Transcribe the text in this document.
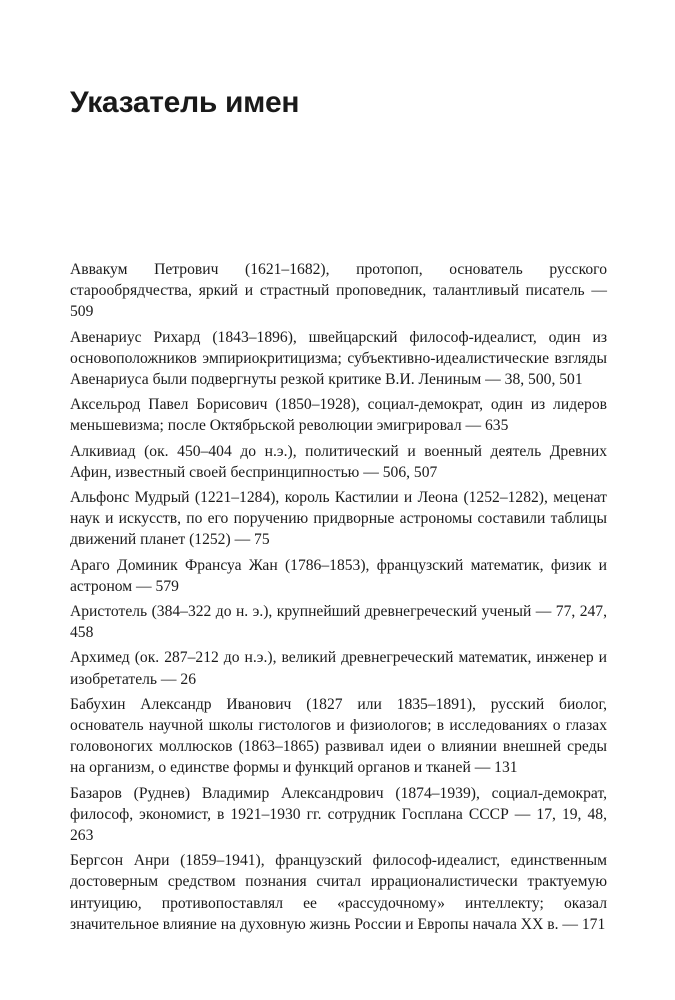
Указатель имен
Аввакум Петрович (1621–1682), протопоп, основатель русского старообрядчества, яркий и страстный проповедник, талантливый писатель — 509
Авенариус Рихард (1843–1896), швейцарский философ-идеалист, один из основоположников эмпириокритицизма; субъективно-идеалистические взгляды Авенариуса были подвергнуты резкой критике В.И. Лениным — 38, 500, 501
Аксельрод Павел Борисович (1850–1928), социал-демократ, один из лидеров меньшевизма; после Октябрьской революции эмигрировал — 635
Алкивиад (ок. 450–404 до н.э.), политический и военный деятель Древних Афин, известный своей беспринципностью — 506, 507
Альфонс Мудрый (1221–1284), король Кастилии и Леона (1252–1282), меценат наук и искусств, по его поручению придворные астрономы составили таблицы движений планет (1252) — 75
Араго Доминик Франсуа Жан (1786–1853), французский математик, физик и астроном — 579
Аристотель (384–322 до н. э.), крупнейший древнегреческий ученый — 77, 247, 458
Архимед (ок. 287–212 до н.э.), великий древнегреческий математик, инженер и изобретатель — 26
Бабухин Александр Иванович (1827 или 1835–1891), русский биолог, основатель научной школы гистологов и физиологов; в исследованиях о глазах головоногих моллюсков (1863–1865) развивал идеи о влиянии внешней среды на организм, о единстве формы и функций органов и тканей — 131
Базаров (Руднев) Владимир Александрович (1874–1939), социал-демократ, философ, экономист, в 1921–1930 гг. сотрудник Госплана СССР — 17, 19, 48, 263
Бергсон Анри (1859–1941), французский философ-идеалист, единственным достоверным средством познания считал иррационалистически трактуемую интуицию, противопоставлял ее «рассудочному» интеллекту; оказал значительное влияние на духовную жизнь России и Европы начала XX в. — 171
